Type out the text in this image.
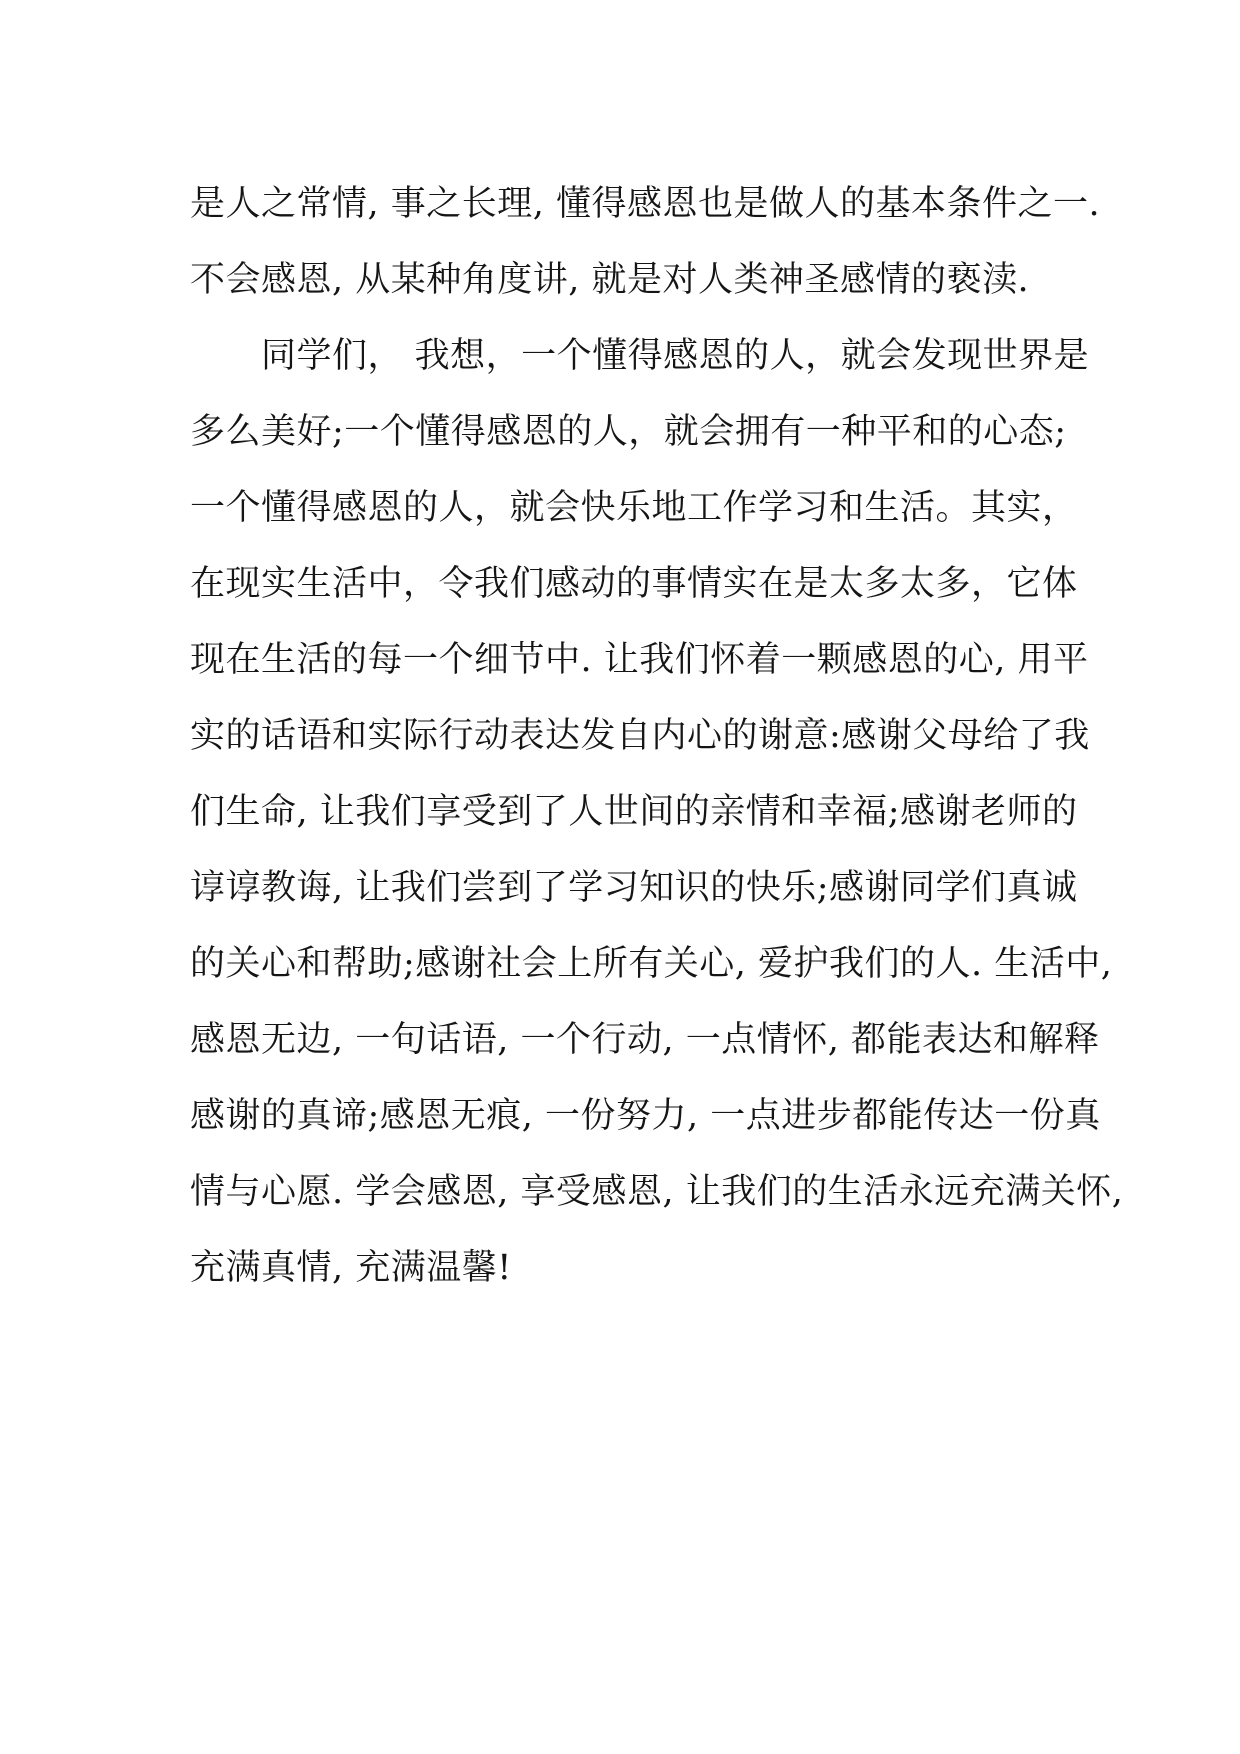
是人之常情, 事之长理, 懂得感恩也是做人的基本条件之一.
不会感恩, 从某种角度讲, 就是对人类神圣感情的亵渎.
　　同学们， 我想，一个懂得感恩的人，就会发现世界是
多么美好;一个懂得感恩的人，就会拥有一种平和的心态;
一个懂得感恩的人，就会快乐地工作学习和生活。其实，
在现实生活中，令我们感动的事情实在是太多太多，它体
现在生活的每一个细节中. 让我们怀着一颗感恩的心, 用平
实的话语和实际行动表达发自内心的谢意:感谢父母给了我
们生命, 让我们享受到了人世间的亲情和幸福;感谢老师的
谆谆教诲, 让我们尝到了学习知识的快乐;感谢同学们真诚
的关心和帮助;感谢社会上所有关心, 爱护我们的人. 生活中,
感恩无边, 一句话语, 一个行动, 一点情怀, 都能表达和解释
感谢的真谛;感恩无痕, 一份努力, 一点进步都能传达一份真
情与心愿. 学会感恩, 享受感恩, 让我们的生活永远充满关怀,
充满真情, 充满温馨!
